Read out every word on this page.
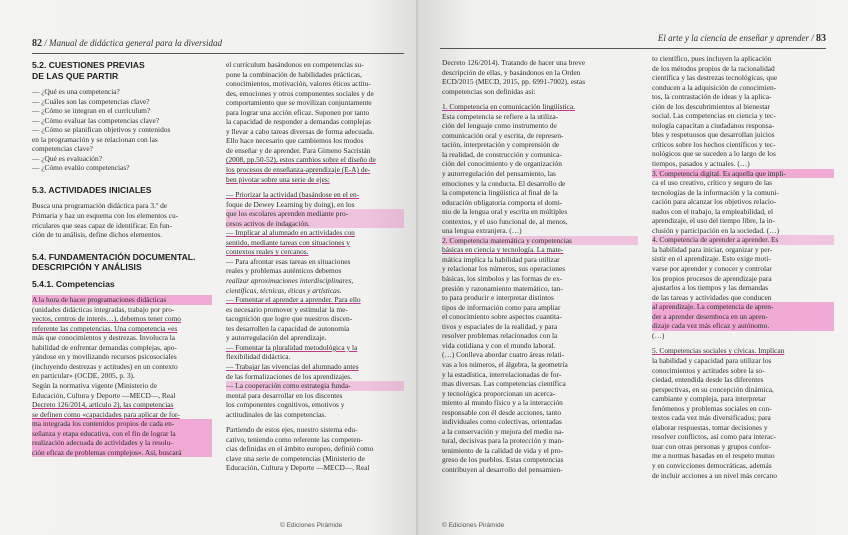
82 / Manual de didáctica general para la diversidad
5.2. CUESTIONES PREVIAS
DE LAS QUE PARTIR
— ¿Qué es una competencia?
— ¿Cuáles son las competencias clave?
— ¿Cómo se integran en el currículum?
— ¿Cómo evaluar las competencias clave?
— ¿Cómo se planifican objetivos y contenidos
en la programación y se relacionan con las
competencias clave?
— ¿Qué es evaluación?
— ¿Cómo evalúo competencias?
5.3. ACTIVIDADES INICIALES
Busca una programación didáctica para 3.º de
Primaria y haz un esquema con los elementos cu-
rriculares que seas capaz de identificar. En fun-
ción de tu análisis, define dichos elementos.
5.4. FUNDAMENTACIÓN DOCUMENTAL.
DESCRIPCIÓN Y ANÁLISIS
5.4.1. Competencias
A la hora de hacer programaciones didácticas
(unidades didácticas integradas, trabajo por pro-
yectos, centros de interés…), debemos tener como
referente las competencias. Una competencia «es
más que conocimientos y destrezas. Involucra la
habilidad de enfrentar demandas complejas, apo-
yándose en y movilizando recursos psicosociales
(incluyendo destrezas y actitudes) en un contexto
en particular» (OCDE, 2005, p. 3).
Según la normativa vigente (Ministerio de
Educación, Cultura y Deporte —MECD—, Real
Decreto 126/2014, artículo 2), las competencias
se definen como «capacidades para aplicar de for-
ma integrada los contenidos propios de cada en-
señanza y etapa educativa, con el fin de lograr la
realización adecuada de actividades y la resolu-
ción eficaz de problemas complejos». Así, buscará
el currículum basándonos en competencias su-
pone la combinación de habilidades prácticas,
conocimientos, motivación, valores éticos actitu-
des, emociones y otros componentes sociales y de
comportamiento que se movilizan conjuntamente
para lograr una acción eficaz. Suponen por tanto
la capacidad de responder a demandas complejas
y llevar a cabo tareas diversas de forma adecuada.
Ello hace necesario que cambiemos los modos
de enseñar y de aprender. Para Gimeno Sacristán
(2008, pp.50-52), estos cambios sobre el diseño de
los procesos de enseñanza-aprendizaje (E-A) de-
ben pivotar sobre una serie de ejes:
— Priorizar la actividad (basándose en el en-
foque de Dewey Learning by doing), en los
que los escolares aprenden mediante pro-
cesos activos de indagación.
— Implicar al alumnado en actividades con
sentido, mediante tareas con situaciones y
contextos reales y cercanos.
— Para afrontar esas tareas en situaciones
reales y problemas auténticos debemos
realizar aproximaciones interdisciplinares,
científicas, técnicas, éticas y artísticas.
— Fomentar el aprender a aprender. Para ello
es necesario promover y estimular la me-
tacognición que logre que nuestros discen-
tes desarrollen la capacidad de autonomía
y autorregulación del aprendizaje.
— Fomentar la pluralidad metodológica y la
flexibilidad didáctica.
— Trabajar las vivencias del alumnado antes
de las formalizaciones de los aprendizajes.
— La cooperación como estrategia funda-
mental para desarrollar en los discentes
los componentes cognitivos, emotivos y
actitudinales de las competencias.
Partiendo de estos ejes, nuestro sistema edu-
cativo, teniendo como referente las competen-
cias definidas en el ámbito europeo, definió como
clave una serie de competencias (Ministerio de
Educación, Cultura y Deporte —MECD—, Real
© Ediciones Pirámide
El arte y la ciencia de enseñar y aprender / 83
Decreto 126/2014). Tratando de hacer una breve
descripción de ellas, y basándonos en la Orden
ECD/2015 (MECD, 2015, pp. 6991-7002), estas
competencias son definidas así:
1. Competencia en comunicación lingüística.
Esta competencia se refiere a la utiliza-
ción del lenguaje como instrumento de
comunicación oral y escrita, de represen-
tación, interpretación y comprensión de
la realidad, de construcción y comunica-
ción del conocimiento y de organización
y autorregulación del pensamiento, las
emociones y la conducta. El desarrollo de
la competencia lingüística al final de la
educación obligatoria comporta el domi-
nio de la lengua oral y escrita en múltiples
contextos, y el uso funcional de, al menos,
una lengua extranjera. (…)
2. Competencia matemática y competencias
básicas en ciencia y tecnología. La mate-
mática implica la habilidad para utilizar
y relacionar los números, sus operaciones
básicas, los símbolos y las formas de ex-
presión y razonamiento matemático, tan-
to para producir e interpretar distintos
tipos de información como para ampliar
el conocimiento sobre aspectos cuantita-
tivos y espaciales de la realidad, y para
resolver problemas relacionados con la
vida cotidiana y con el mundo laboral.
(…) Conlleva abordar cuatro áreas relati-
vas a los números, el álgebra, la geometría
y la estadística, interrelacionadas de for-
mas diversas. Las competencias científica
y tecnológica proporcionan un acerca-
miento al mundo físico y a la interacción
responsable con él desde acciones, tanto
individuales como colectivas, orientadas
a la conservación y mejora del medio na-
tural, decisivas para la protección y man-
tenimiento de la calidad de vida y el pro-
greso de los pueblos. Estas competencias
contribuyen al desarrollo del pensamien-
to científico, pues incluyen la aplicación
de los métodos propios de la racionalidad
científica y las destrezas tecnológicas, que
conducen a la adquisición de conocimien-
tos, la contrastación de ideas y la aplica-
ción de los descubrimientos al bienestar
social. Las competencias en ciencia y tec-
nología capacitan a ciudadanos responsa-
bles y respetuosos que desarrollan juicios
críticos sobre los hechos científicos y tec-
nológicos que se suceden a lo largo de los
tiempos, pasados y actuales. (…)
3. Competencia digital. Es aquella que impli-
ca el uso creativo, crítico y seguro de las
tecnologías de la información y la comuni-
cación para alcanzar los objetivos relacio-
nados con el trabajo, la empleabilidad, el
aprendizaje, el uso del tiempo libre, la in-
clusión y participación en la sociedad. (…)
4. Competencia de aprender a aprender. Es
la habilidad para iniciar, organizar y per-
sistir en el aprendizaje. Esto exige moti-
varse por aprender y conocer y controlar
los propios procesos de aprendizaje para
ajustarlos a los tiempos y las demandas
de las tareas y actividades que conducen
al aprendizaje. La competencia de apren-
der a aprender desemboca en un apren-
dizaje cada vez más eficaz y autónomo.
(…)
5. Competencias sociales y cívicas. Implican
la habilidad y capacidad para utilizar los
conocimientos y actitudes sobre la so-
ciedad, entendida desde las diferentes
perspectivas, en su concepción dinámica,
cambiante y compleja, para interpretar
fenómenos y problemas sociales en con-
textos cada vez más diversificados; para
elaborar respuestas, tomar decisiones y
resolver conflictos, así como para interac-
tuar con otras personas y grupos confor-
me a normas basadas en el respeto mutuo
y en convicciones democráticas, además
de incluir acciones a un nivel más cercano
© Ediciones Pirámide
